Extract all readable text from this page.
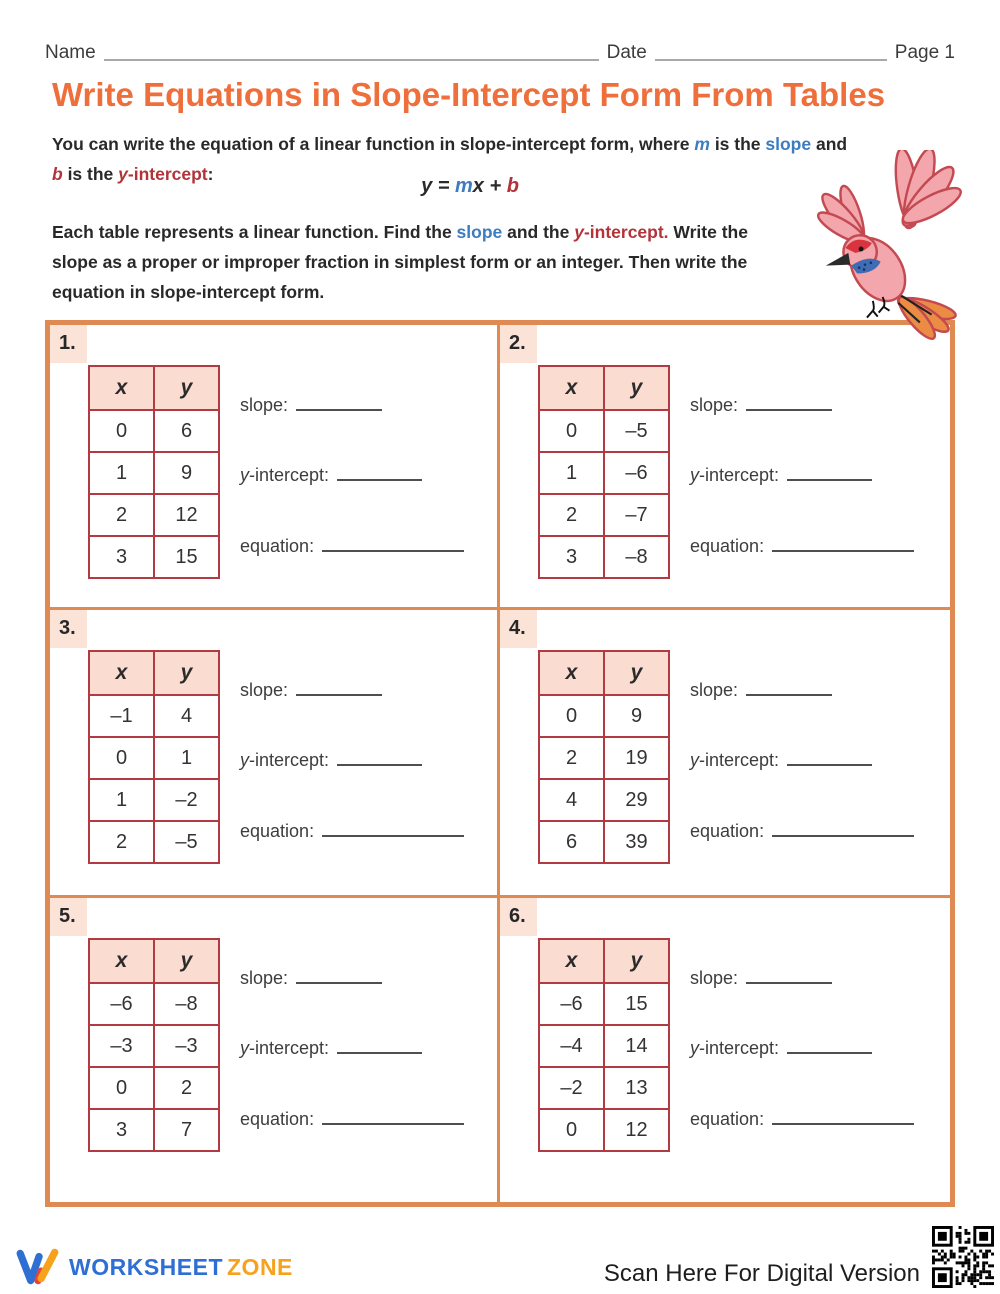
Name	Date	Page 1
Write Equations in Slope-Intercept Form From Tables
You can write the equation of a linear function in slope-intercept form, where m is the slope and
b is the y-intercept:
y = mx + b
Each table represents a linear function. Find the slope and the y-intercept. Write the
slope as a proper or improper fraction in simplest form or an integer. Then write the
equation in slope-intercept form.
1.
x	y
0	6
1	9
2	12
3	15
slope:
y-intercept:
equation:
2.
x	y
0	–5
1	–6
2	–7
3	–8
slope:
y-intercept:
equation:
3.
x	y
–1	4
0	1
1	–2
2	–5
slope:
y-intercept:
equation:
4.
x	y
0	9
2	19
4	29
6	39
slope:
y-intercept:
equation:
5.
x	y
–6	–8
–3	–3
0	2
3	7
slope:
y-intercept:
equation:
6.
x	y
–6	15
–4	14
–2	13
0	12
slope:
y-intercept:
equation:
WORKSHEET ZONE	Scan Here For Digital Version
